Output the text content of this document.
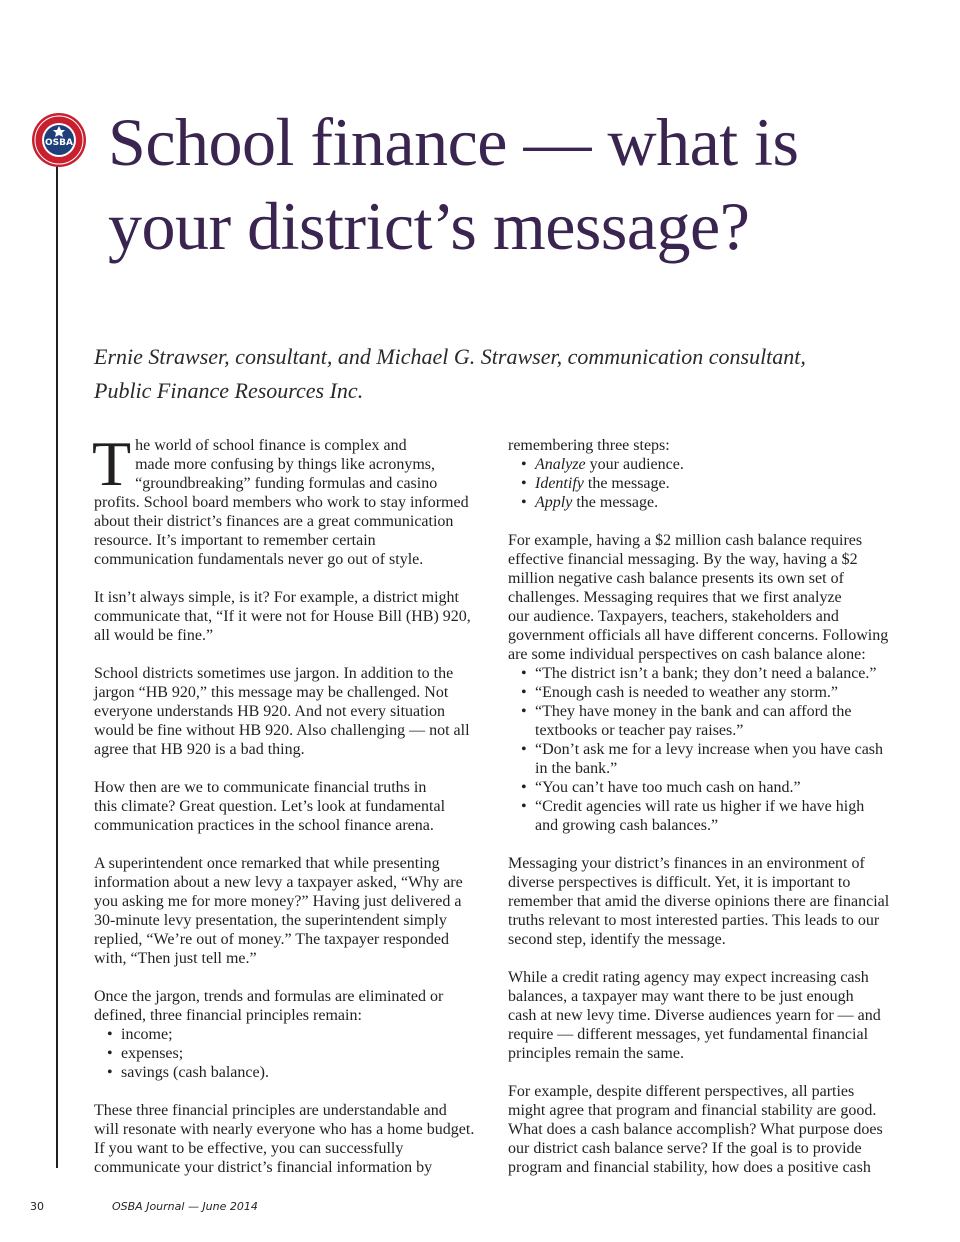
OSBA School finance — what is
your district’s message?
Ernie Strawser, consultant, and Michael G. Strawser, communication consultant,
Public Finance Resources Inc.
T he world of school finance is complex and
made more confusing by things like acronyms,
“groundbreaking” funding formulas and casino
profits. School board members who work to stay informed
about their district’s finances are a great communication
resource. It’s important to remember certain
communication fundamentals never go out of style.
It isn’t always simple, is it? For example, a district might
communicate that, “If it were not for House Bill (HB) 920,
all would be fine.”
School districts sometimes use jargon. In addition to the
jargon “HB 920,” this message may be challenged. Not
everyone understands HB 920. And not every situation
would be fine without HB 920. Also challenging — not all
agree that HB 920 is a bad thing.
How then are we to communicate financial truths in
this climate? Great question. Let’s look at fundamental
communication practices in the school finance arena.
A superintendent once remarked that while presenting
information about a new levy a taxpayer asked, “Why are
you asking me for more money?” Having just delivered a
30-minute levy presentation, the superintendent simply
replied, “We’re out of money.” The taxpayer responded
with, “Then just tell me.”
Once the jargon, trends and formulas are eliminated or
defined, three financial principles remain:
• income;
• expenses;
• savings (cash balance).
These three financial principles are understandable and
will resonate with nearly everyone who has a home budget.
If you want to be effective, you can successfully
communicate your district’s financial information by
remembering three steps:
• Analyze your audience.
• Identify the message.
• Apply the message.
For example, having a $2 million cash balance requires
effective financial messaging. By the way, having a $2
million negative cash balance presents its own set of
challenges. Messaging requires that we first analyze
our audience. Taxpayers, teachers, stakeholders and
government officials all have different concerns. Following
are some individual perspectives on cash balance alone:
• “The district isn’t a bank; they don’t need a balance.”
• “Enough cash is needed to weather any storm.”
• “They have money in the bank and can afford the
textbooks or teacher pay raises.”
• “Don’t ask me for a levy increase when you have cash
in the bank.”
• “You can’t have too much cash on hand.”
• “Credit agencies will rate us higher if we have high
and growing cash balances.”
Messaging your district’s finances in an environment of
diverse perspectives is difficult. Yet, it is important to
remember that amid the diverse opinions there are financial
truths relevant to most interested parties. This leads to our
second step, identify the message.
While a credit rating agency may expect increasing cash
balances, a taxpayer may want there to be just enough
cash at new levy time. Diverse audiences yearn for — and
require — different messages, yet fundamental financial
principles remain the same.
For example, despite different perspectives, all parties
might agree that program and financial stability are good.
What does a cash balance accomplish? What purpose does
our district cash balance serve? If the goal is to provide
program and financial stability, how does a positive cash
30	OSBA Journal — June 2014
